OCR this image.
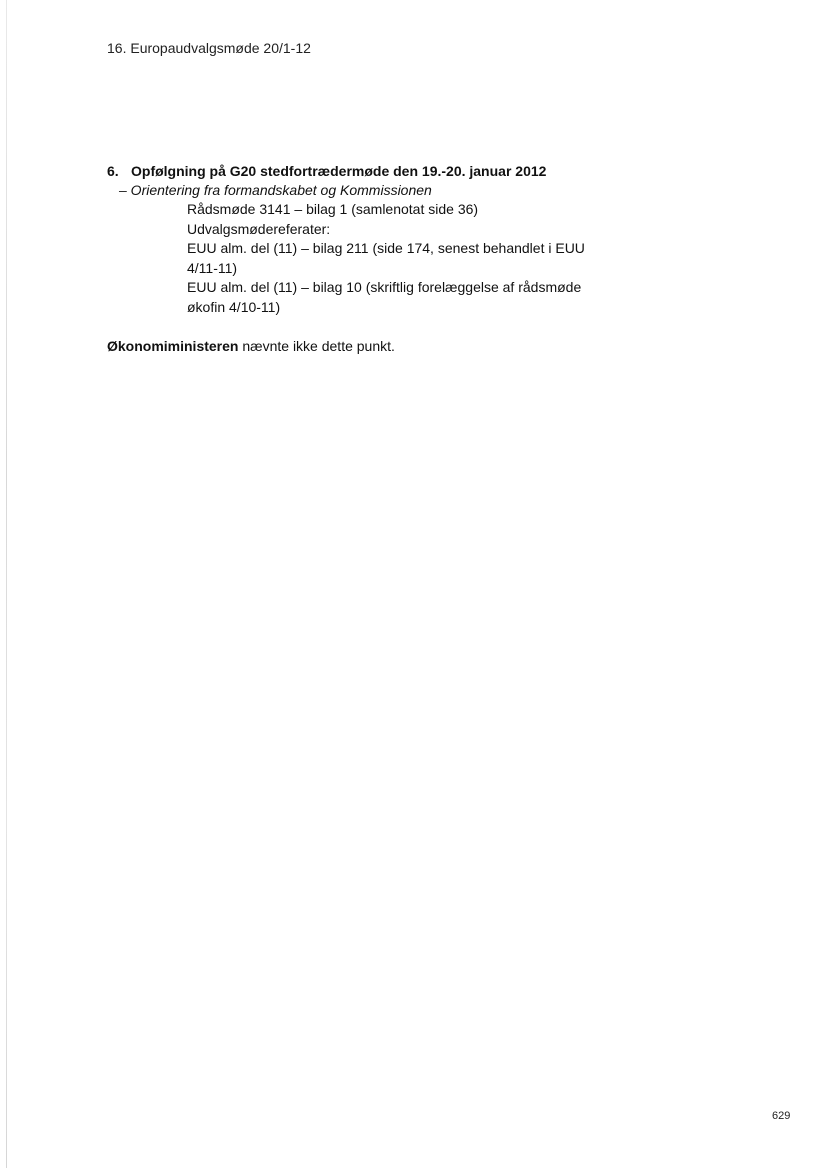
16. Europaudvalgsmøde 20/1-12
6. Opfølgning på G20 stedfortrædermøde den 19.-20. januar 2012
– Orientering fra formandskabet og Kommissionen
Rådsmøde 3141 – bilag 1 (samlenotat side 36)
Udvalgsmødereferater:
EUU alm. del (11) – bilag 211 (side 174, senest behandlet i EUU 4/11-11)
EUU alm. del (11) – bilag 10 (skriftlig forelæggelse af rådsmøde økofin 4/10-11)
Økonomiministeren nævnte ikke dette punkt.
629
